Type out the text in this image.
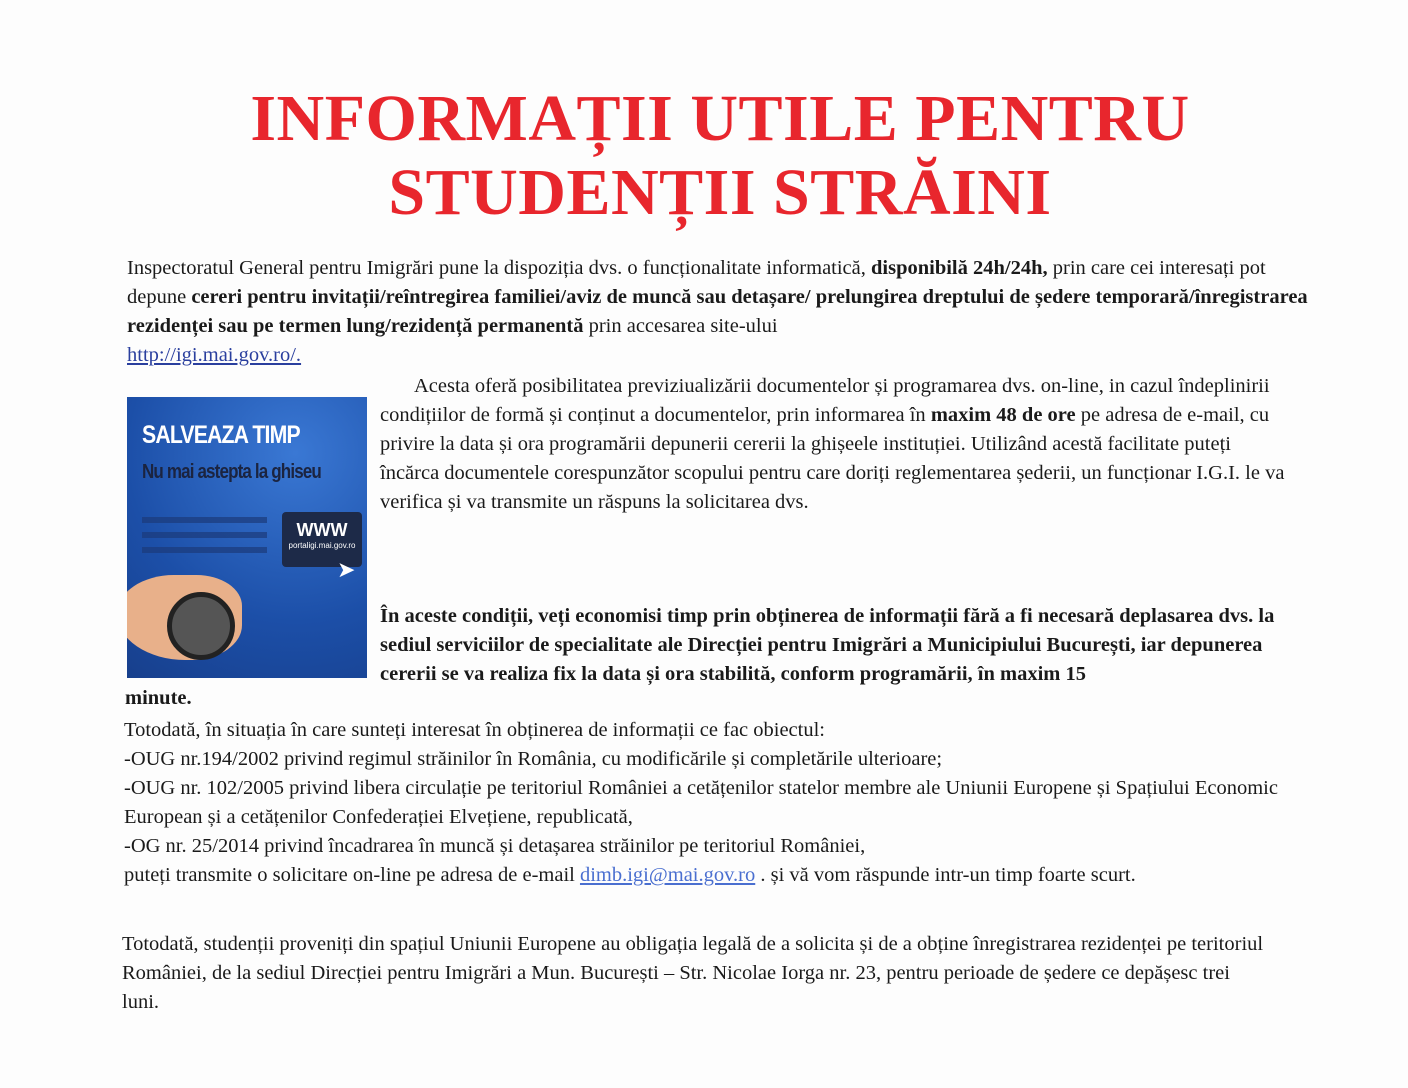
INFORMAȚII UTILE PENTRU
STUDENȚII STRĂINI

Inspectoratul General pentru Imigrări pune la dispoziția dvs. o funcționalitate informatică, disponibilă 24h/24h, prin care cei interesați pot depune cereri pentru invitații/reîntregirea familiei/aviz de muncă sau detașare/ prelungirea dreptului de ședere temporară/înregistrarea rezidenței sau pe termen lung/rezidență permanentă prin accesarea site-ului
http://igi.mai.gov.ro/.

SALVEAZA TIMP
Nu mai astepta la ghiseu
WWW
portaligi.mai.gov.ro
➤

Acesta oferă posibilitatea previziualizării documentelor și programarea dvs. on-line, in cazul îndeplinirii condițiilor de formă și conținut a documentelor, prin informarea în maxim 48 de ore pe adresa de e-mail, cu privire la data și ora programării depunerii cererii la ghișeele instituției. Utilizând acestă facilitate puteți încărca documentele corespunzător scopului pentru care doriți reglementarea șederii, un funcționar I.G.I. le va verifica și va transmite un răspuns la solicitarea dvs.

În aceste condiții, veți economisi timp prin obținerea de informații fără a fi necesară deplasarea dvs. la sediul serviciilor de specialitate ale Direcției pentru Imigrări a Municipiului București, iar depunerea cererii se va realiza fix la data și ora stabilită, conform programării, în maxim 15

minute.

Totodată, în situația în care sunteți interesat în obținerea de informații ce fac obiectul:
-OUG nr.194/2002 privind regimul străinilor în România, cu modificările și completările ulterioare;
-OUG nr. 102/2005 privind libera circulație pe teritoriul României a cetățenilor statelor membre ale Uniunii Europene și Spațiului Economic European și a cetățenilor Confederației Elvețiene, republicată,
-OG nr. 25/2014 privind încadrarea în muncă și detașarea străinilor pe teritoriul României,
puteți transmite o solicitare on-line pe adresa de e-mail dimb.igi@mai.gov.ro . și vă vom răspunde intr-un timp foarte scurt.

Totodată, studenții proveniți din spațiul Uniunii Europene au obligația legală de a solicita și de a obține înregistrarea rezidenței pe teritoriul României, de la sediul Direcției pentru Imigrări a Mun. București – Str. Nicolae Iorga nr. 23, pentru perioade de ședere ce depășesc trei luni.
